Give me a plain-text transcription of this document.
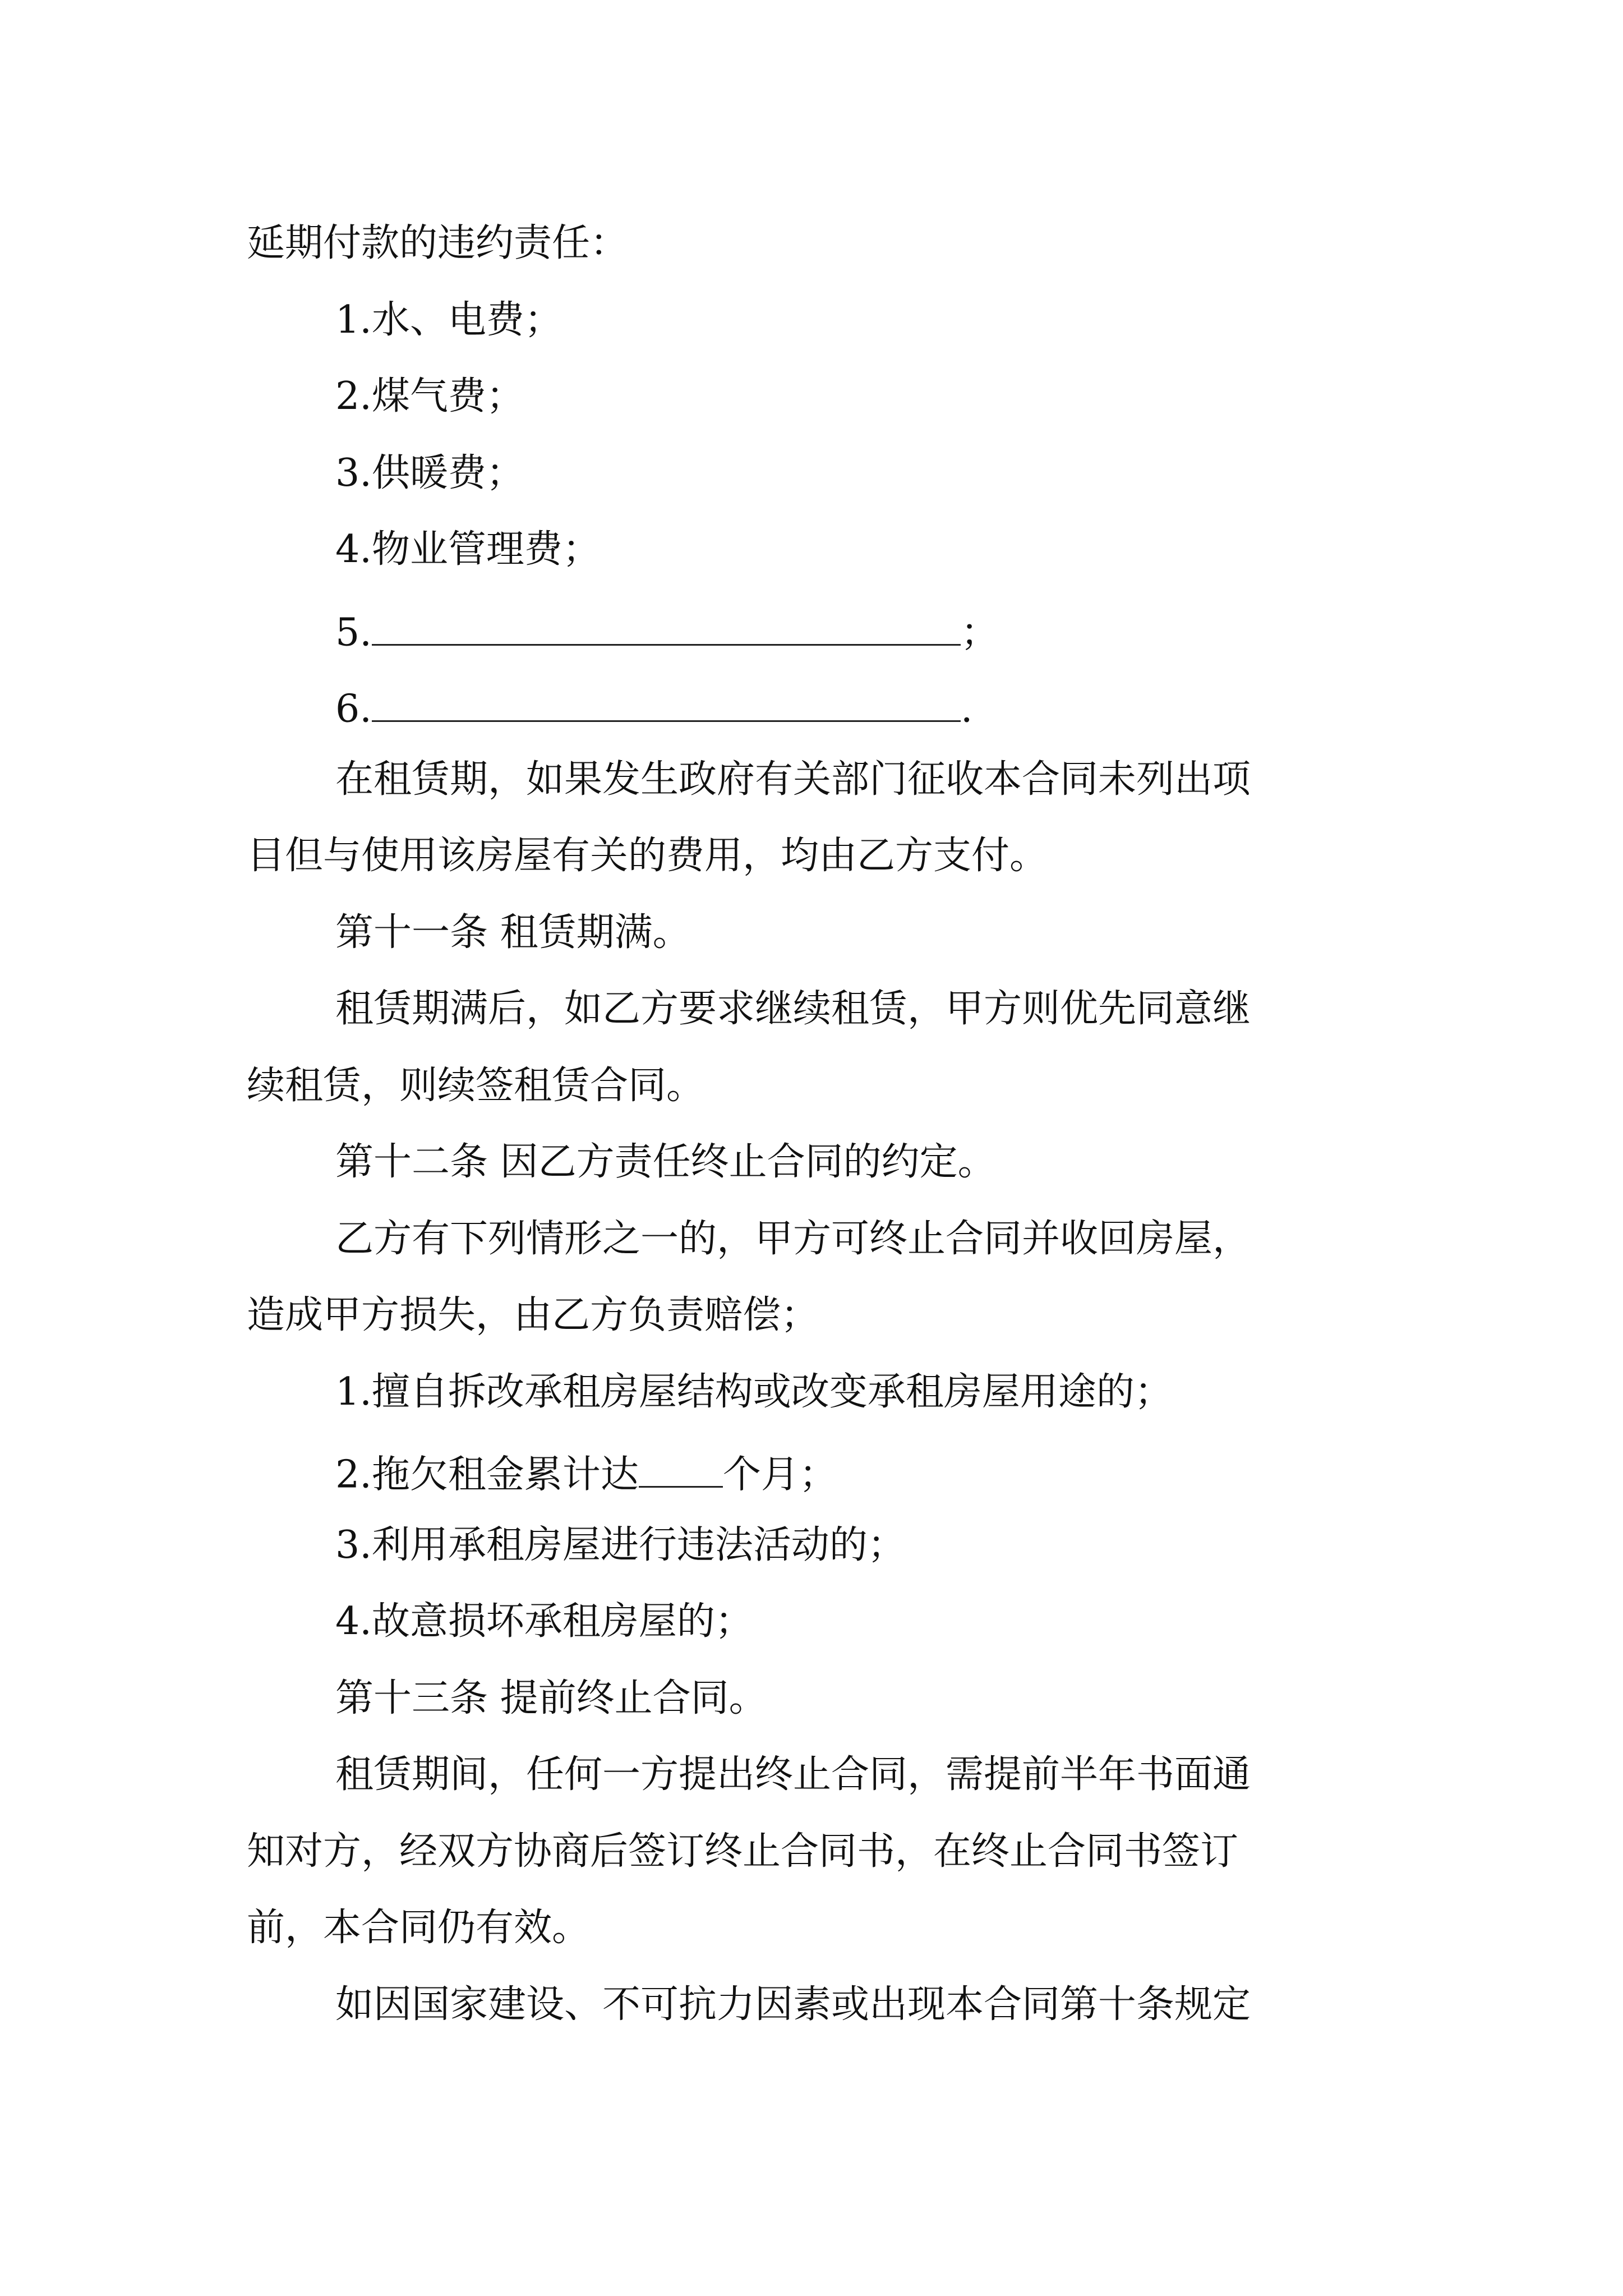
延期付款的违约责任：
1.水、电费；
2.煤气费；
3.供暖费；
4.物业管理费；
5.	；
6.	.
在租赁期，如果发生政府有关部门征收本合同未列出项
目但与使用该房屋有关的费用，均由乙方支付。
第十一条 租赁期满。
租赁期满后，如乙方要求继续租赁，甲方则优先同意继
续租赁，则续签租赁合同。
第十二条 因乙方责任终止合同的约定。
乙方有下列情形之一的，甲方可终止合同并收回房屋，
造成甲方损失，由乙方负责赔偿；
1.擅自拆改承租房屋结构或改变承租房屋用途的；
2.拖欠租金累计达 个月；
3.利用承租房屋进行违法活动的；
4.故意损坏承租房屋的；
第十三条 提前终止合同。
租赁期间，任何一方提出终止合同，需提前半年书面通
知对方，经双方协商后签订终止合同书，在终止合同书签订
前，本合同仍有效。
如因国家建设、不可抗力因素或出现本合同第十条规定
